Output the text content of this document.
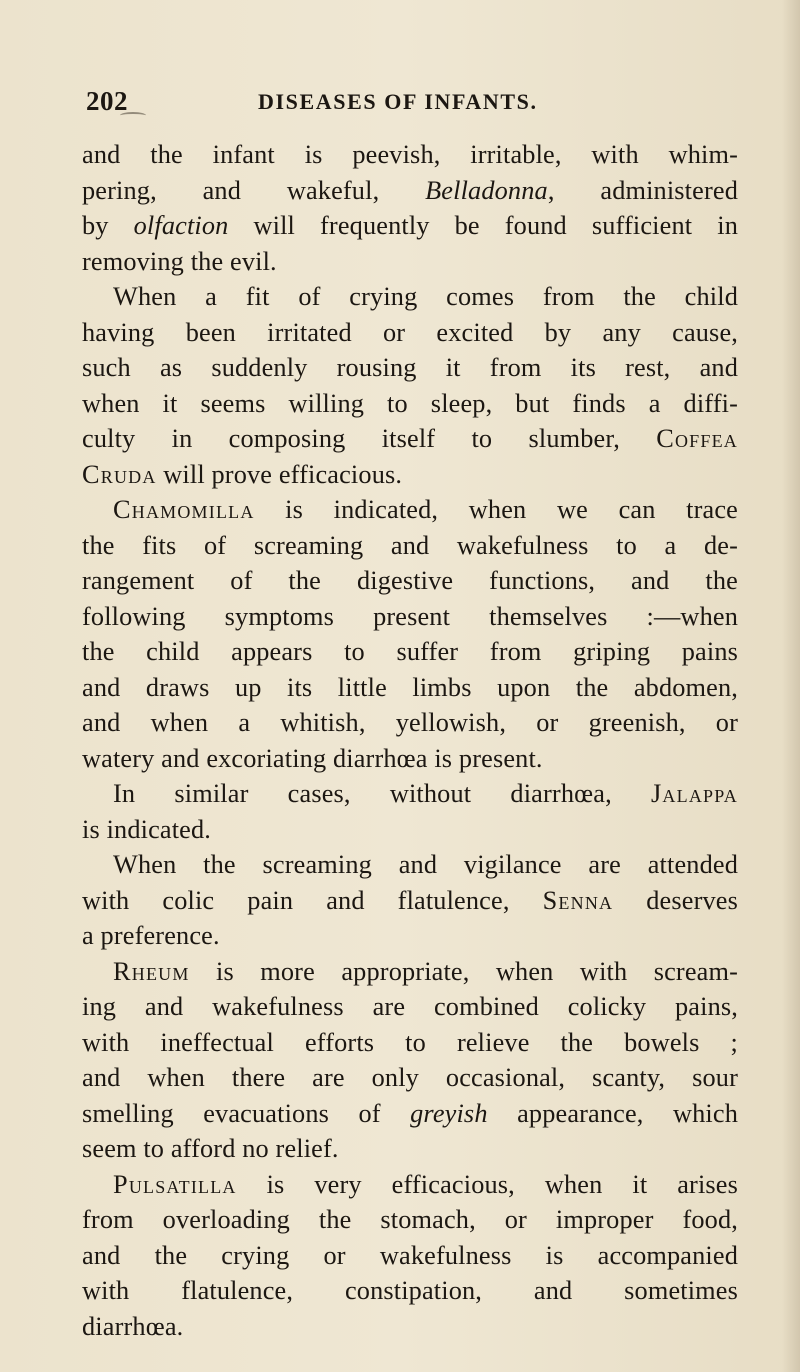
202	DISEASES OF INFANTS.
and the infant is peevish, irritable, with whim-
pering, and wakeful, Belladonna, administered
by olfaction will frequently be found sufficient in
removing the evil.
When a fit of crying comes from the child
having been irritated or excited by any cause,
such as suddenly rousing it from its rest, and
when it seems willing to sleep, but finds a diffi-
culty in composing itself to slumber, Coffea
Cruda will prove efficacious.
Chamomilla is indicated, when we can trace
the fits of screaming and wakefulness to a de-
rangement of the digestive functions, and the
following symptoms present themselves :—when
the child appears to suffer from griping pains
and draws up its little limbs upon the abdomen,
and when a whitish, yellowish, or greenish, or
watery and excoriating diarrhœa is present.
In similar cases, without diarrhœa, Jalappa
is indicated.
When the screaming and vigilance are attended
with colic pain and flatulence, Senna deserves
a preference.
Rheum is more appropriate, when with scream-
ing and wakefulness are combined colicky pains,
with ineffectual efforts to relieve the bowels ;
and when there are only occasional, scanty, sour
smelling evacuations of greyish appearance, which
seem to afford no relief.
Pulsatilla is very efficacious, when it arises
from overloading the stomach, or improper food,
and the crying or wakefulness is accompanied
with flatulence, constipation, and sometimes
diarrhœa.
